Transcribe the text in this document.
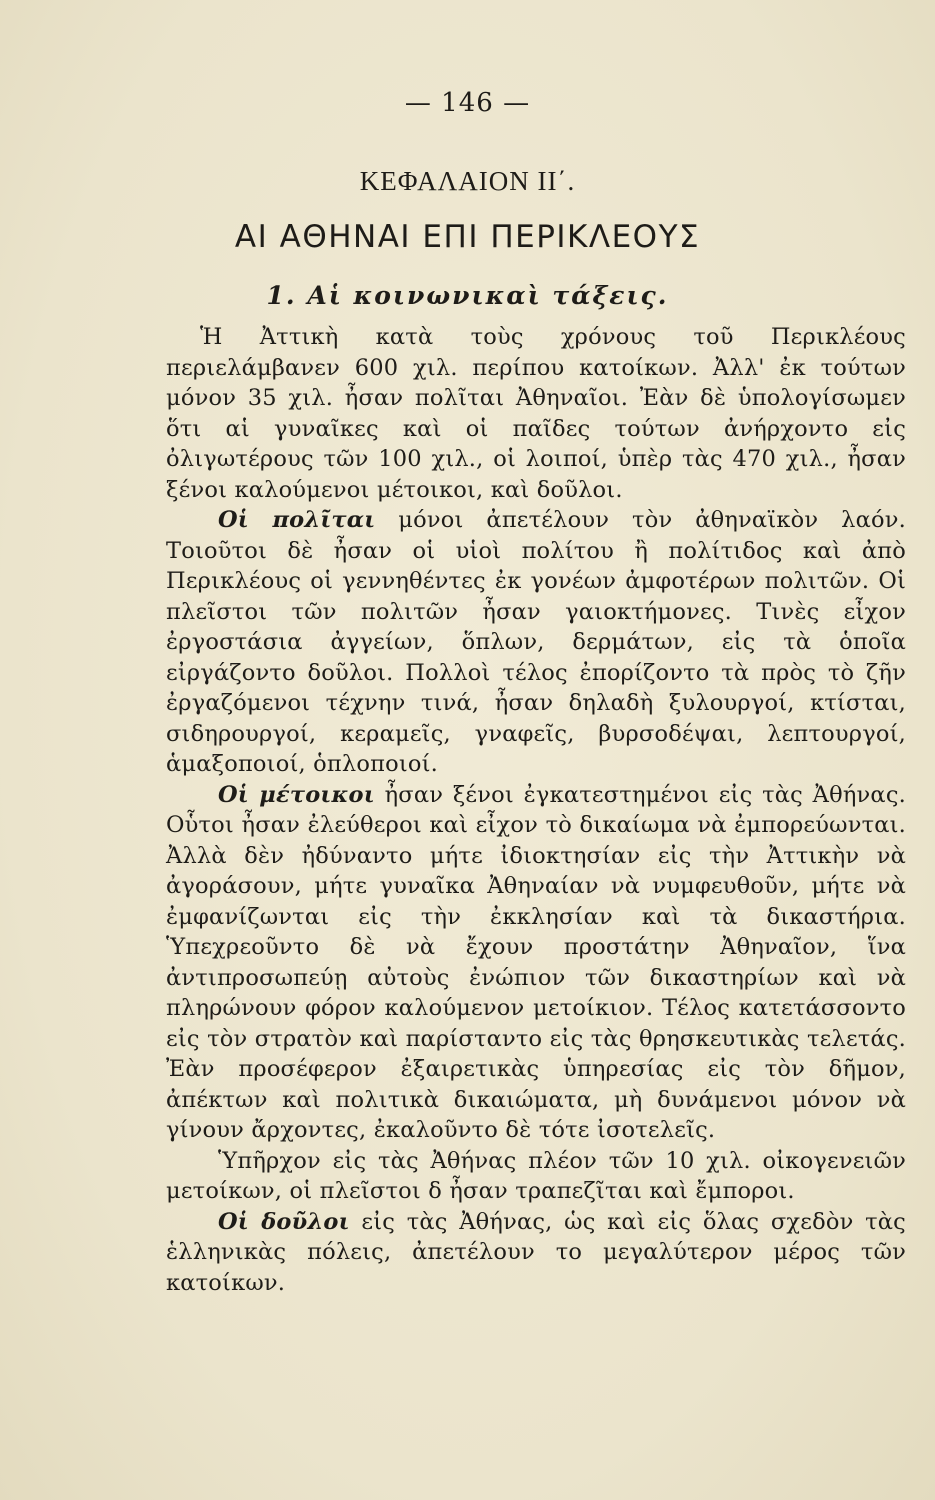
— 146 —
ΚΕΦΑΛΑΙΟΝ ΙΙ΄.
ΑΙ ΑΘΗΝΑΙ ΕΠΙ ΠΕΡΙΚΛΕΟΥΣ
1. Αἱ κοινωνικαὶ τάξεις.

Ἡ Ἀττικὴ κατὰ τοὺς χρόνους τοῦ Περικλέους περιελάμβανεν 600 χιλ. περίπου κατοίκων. Ἀλλ' ἐκ τούτων μόνον 35 χιλ. ἦσαν πολῖται Ἀθηναῖοι. Ἐὰν δὲ ὑπολογίσωμεν ὅτι αἱ γυναῖκες καὶ οἱ παῖδες τούτων ἀνήρχοντο εἰς ὀλιγωτέρους τῶν 100 χιλ., οἱ λοιποί, ὑπὲρ τὰς 470 χιλ., ἦσαν ξένοι καλούμενοι μέτοικοι, καὶ δοῦλοι.

Οἱ πολῖται μόνοι ἀπετέλουν τὸν ἀθηναϊκὸν λαόν. Τοιοῦτοι δὲ ἦσαν οἱ υἱοὶ πολίτου ἢ πολίτιδος καὶ ἀπὸ Περικλέους οἱ γεννηθέντες ἐκ γονέων ἀμφοτέρων πολιτῶν. Οἱ πλεῖστοι τῶν πολιτῶν ἦσαν γαιοκτήμονες. Τινὲς εἶχον ἐργοστάσια ἀγγείων, ὅπλων, δερμάτων, εἰς τὰ ὁποῖα εἰργάζοντο δοῦλοι. Πολλοὶ τέλος ἐπορίζοντο τὰ πρὸς τὸ ζῆν ἐργαζόμενοι τέχνην τινά, ἦσαν δηλαδὴ ξυλουργοί, κτίσται, σιδηρουργοί, κεραμεῖς, γναφεῖς, βυρσοδέψαι, λεπτουργοί, ἁμαξοποιοί, ὁπλοποιοί.

Οἱ μέτοικοι ἦσαν ξένοι ἐγκατεστημένοι εἰς τὰς Ἀθήνας. Οὗτοι ἦσαν ἐλεύθεροι καὶ εἶχον τὸ δικαίωμα νὰ ἐμπορεύωνται. Ἀλλὰ δὲν ἠδύναντο μήτε ἰδιοκτησίαν εἰς τὴν Ἀττικὴν νὰ ἀγοράσουν, μήτε γυναῖκα Ἀθηναίαν νὰ νυμφευθοῦν, μήτε νὰ ἐμφανίζωνται εἰς τὴν ἐκκλησίαν καὶ τὰ δικαστήρια. Ὑπεχρεοῦντο δὲ νὰ ἔχουν προστάτην Ἀθηναῖον, ἵνα ἀντιπροσωπεύῃ αὐτοὺς ἐνώπιον τῶν δικαστηρίων καὶ νὰ πληρώνουν φόρον καλούμενον μετοίκιον. Τέλος κατετάσσοντο εἰς τὸν στρατὸν καὶ παρίσταντο εἰς τὰς θρησκευτικὰς τελετάς. Ἐὰν προσέφερον ἐξαιρετικὰς ὑπηρεσίας εἰς τὸν δῆμον, ἀπέκτων καὶ πολιτικὰ δικαιώματα, μὴ δυνάμενοι μόνον νὰ γίνουν ἄρχοντες, ἐκαλοῦντο δὲ τότε ἰσοτελεῖς.

Ὑπῆρχον εἰς τὰς Ἀθήνας πλέον τῶν 10 χιλ. οἰκογενειῶν μετοίκων, οἱ πλεῖστοι δ ἦσαν τραπεζῖται καὶ ἔμποροι.

Οἱ δοῦλοι εἰς τὰς Ἀθήνας, ὡς καὶ εἰς ὅλας σχεδὸν τὰς ἑλληνικὰς πόλεις, ἀπετέλουν το μεγαλύτερον μέρος τῶν κατοίκων.
